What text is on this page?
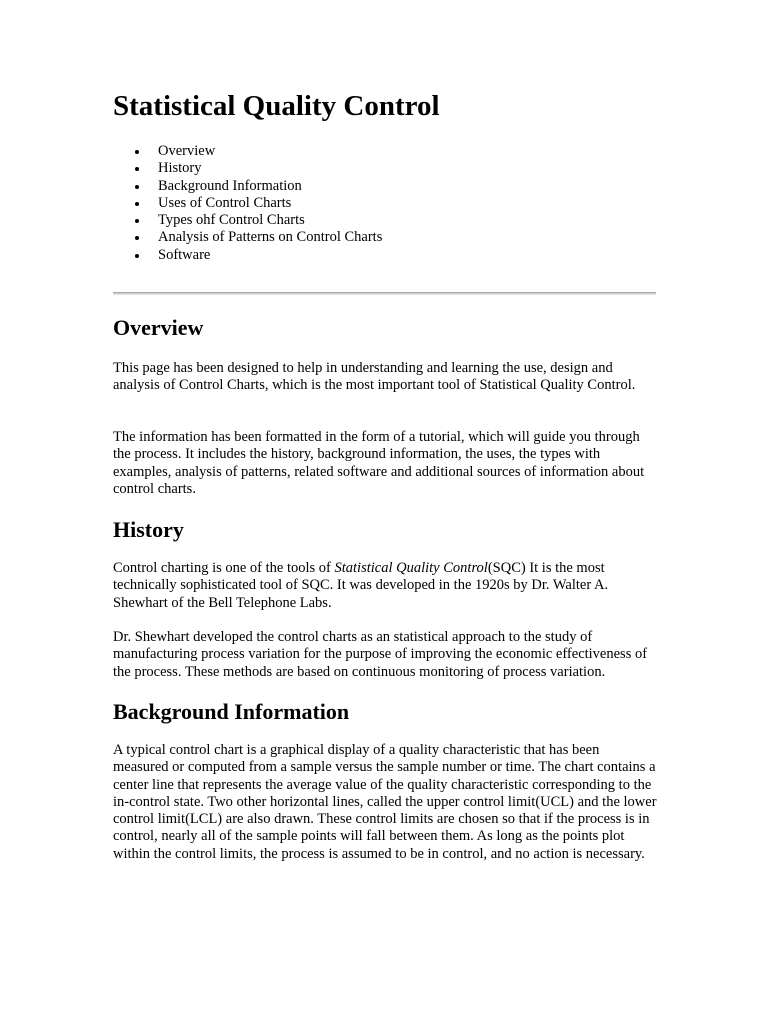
Statistical Quality Control
Overview
History
Background Information
Uses of Control Charts
Types ohf Control Charts
Analysis of Patterns on Control Charts
Software
Overview

This page has been designed to help in understanding and learning the use, design and analysis of Control Charts, which is the most important tool of Statistical Quality Control.

The information has been formatted in the form of a tutorial, which will guide you through the process. It includes the history, background information, the uses, the types with examples, analysis of patterns, related software and additional sources of information about control charts.

History

Control charting is one of the tools of Statistical Quality Control(SQC) It is the most technically sophisticated tool of SQC. It was developed in the 1920s by Dr. Walter A. Shewhart of the Bell Telephone Labs.

Dr. Shewhart developed the control charts as an statistical approach to the study of manufacturing process variation for the purpose of improving the economic effectiveness of the process. These methods are based on continuous monitoring of process variation.

Background Information

A typical control chart is a graphical display of a quality characteristic that has been measured or computed from a sample versus the sample number or time. The chart contains a center line that represents the average value of the quality characteristic corresponding to the in-control state. Two other horizontal lines, called the upper control limit(UCL) and the lower control limit(LCL) are also drawn. These control limits are chosen so that if the process is in control, nearly all of the sample points will fall between them. As long as the points plot within the control limits, the process is assumed to be in control, and no action is necessary.
